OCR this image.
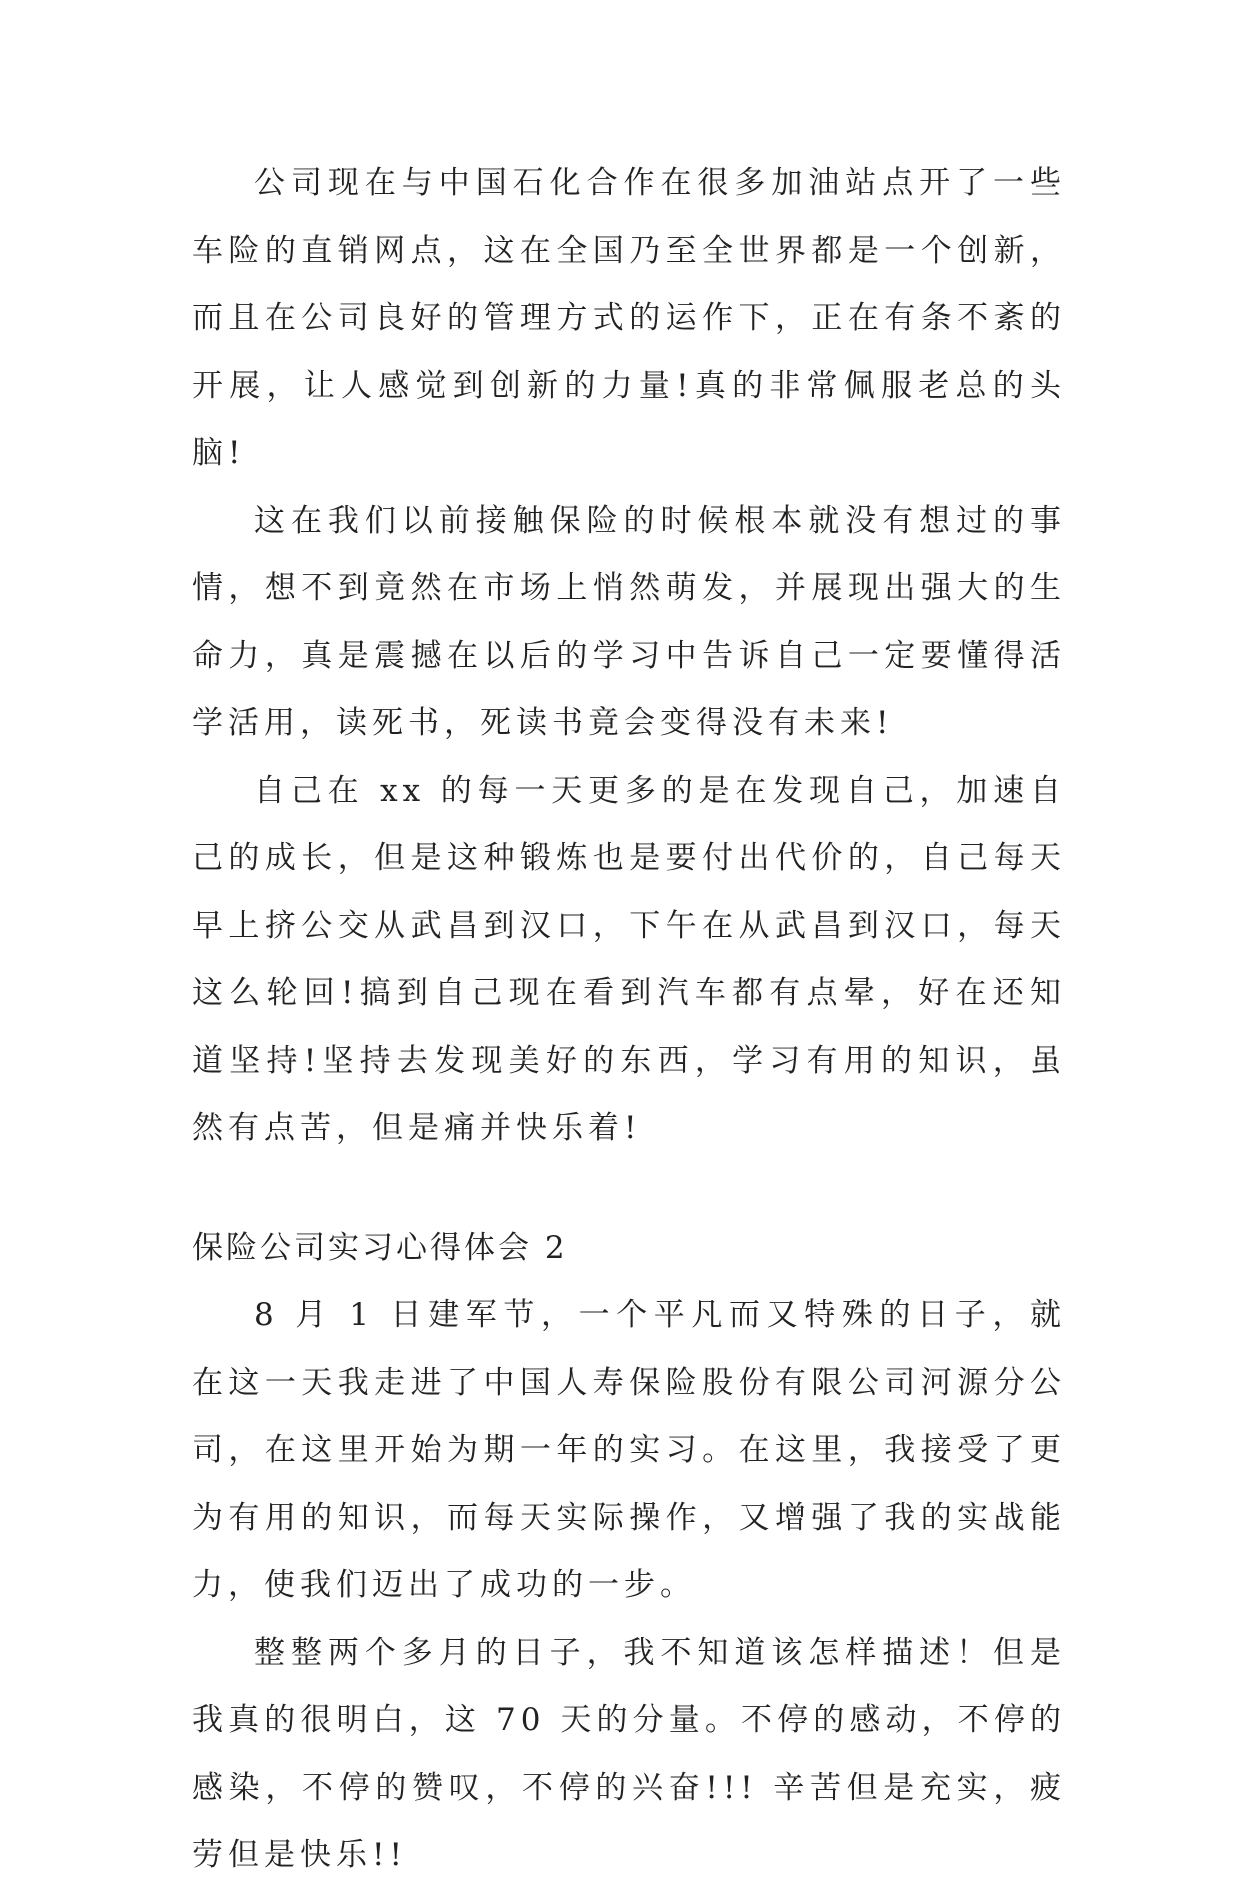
公司现在与中国石化合作在很多加油站点开了一些车险的直销网点，这在全国乃至全世界都是一个创新，而且在公司良好的管理方式的运作下，正在有条不紊的开展，让人感觉到创新的力量!真的非常佩服老总的头脑!

这在我们以前接触保险的时候根本就没有想过的事情，想不到竟然在市场上悄然萌发，并展现出强大的生命力，真是震撼在以后的学习中告诉自己一定要懂得活学活用，读死书，死读书竟会变得没有未来!

自己在 xx 的每一天更多的是在发现自己，加速自己的成长，但是这种锻炼也是要付出代价的，自己每天早上挤公交从武昌到汉口，下午在从武昌到汉口，每天这么轮回!搞到自己现在看到汽车都有点晕，好在还知道坚持!坚持去发现美好的东西，学习有用的知识，虽然有点苦，但是痛并快乐着!

保险公司实习心得体会 2

8 月 1 日建军节，一个平凡而又特殊的日子，就在这一天我走进了中国人寿保险股份有限公司河源分公司，在这里开始为期一年的实习。在这里，我接受了更为有用的知识，而每天实际操作，又增强了我的实战能力，使我们迈出了成功的一步。

整整两个多月的日子，我不知道该怎样描述！但是我真的很明白，这 70 天的分量。不停的感动，不停的感染，不停的赞叹，不停的兴奋!!! 辛苦但是充实，疲劳但是快乐!!
